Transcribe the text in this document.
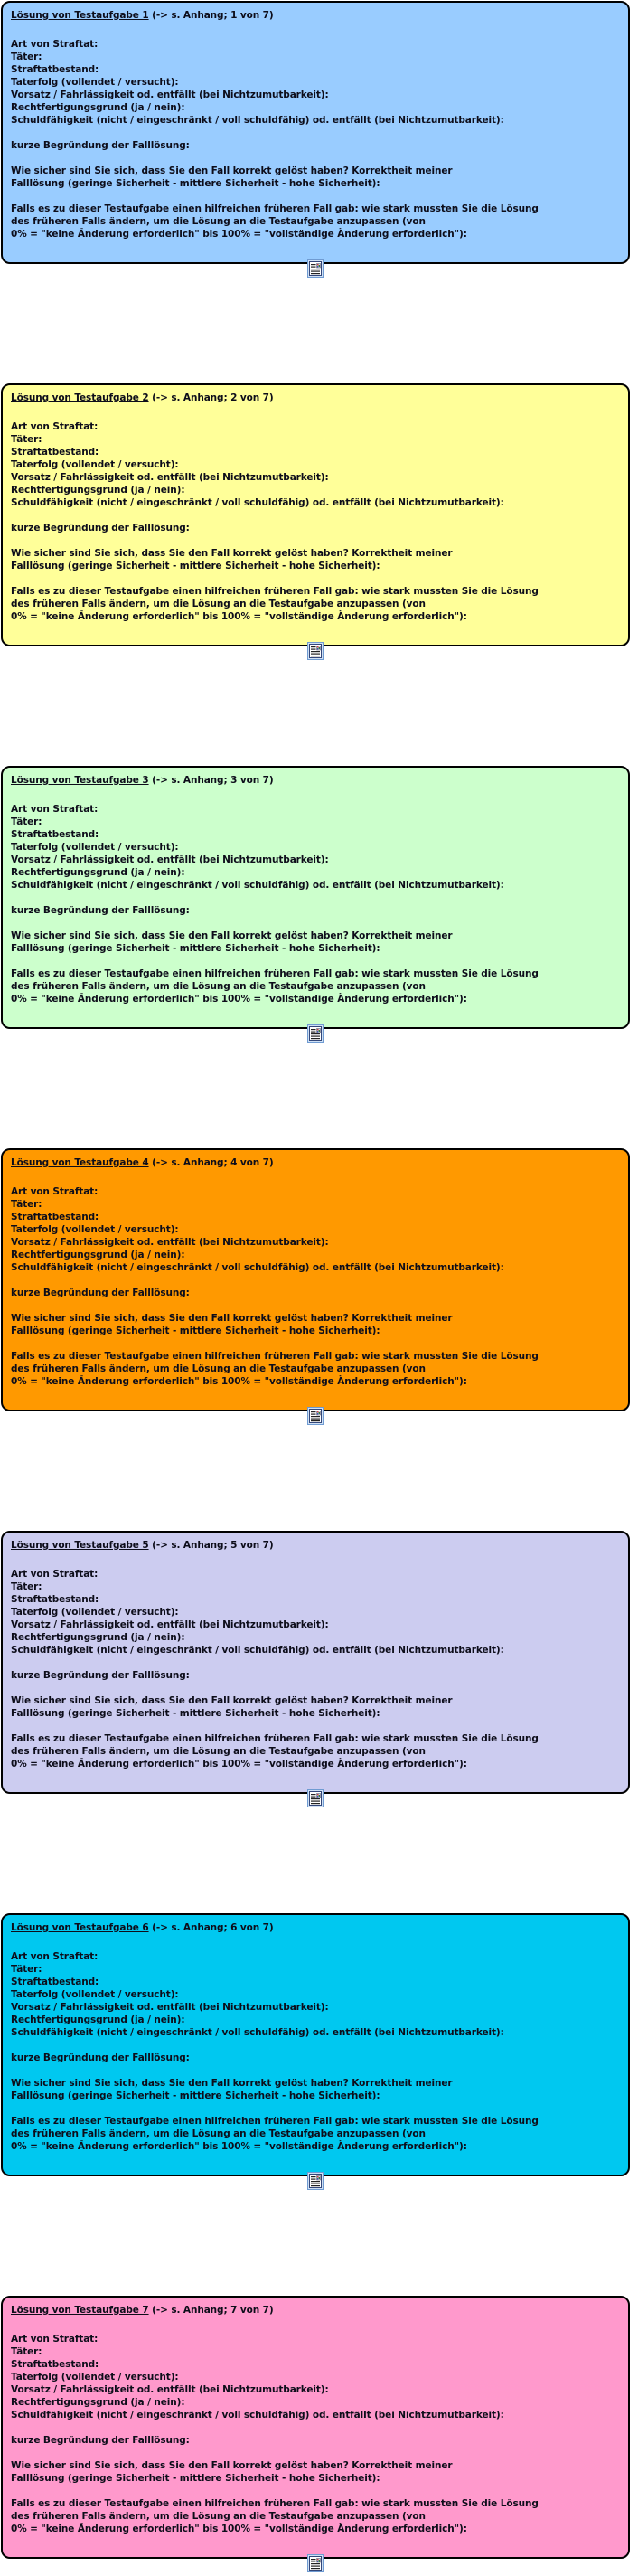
Lösung von Testaufgabe 1 (-> s. Anhang; 1 von 7)
Art von Straftat:
Täter:
Straftatbestand:
Taterfolg (vollendet / versucht):
Vorsatz / Fahrlässigkeit od. entfällt (bei Nichtzumutbarkeit):
Rechtfertigungsgrund (ja / nein):
Schuldfähigkeit (nicht / eingeschränkt / voll schuldfähig) od. entfällt (bei Nichtzumutbarkeit):
kurze Begründung der Falllösung:
Wie sicher sind Sie sich, dass Sie den Fall korrekt gelöst haben? Korrektheit meiner
Falllösung (geringe Sicherheit - mittlere Sicherheit - hohe Sicherheit):
Falls es zu dieser Testaufgabe einen hilfreichen früheren Fall gab: wie stark mussten Sie die Lösung
des früheren Falls ändern, um die Lösung an die Testaufgabe anzupassen (von
0% = "keine Änderung erforderlich" bis 100% = "vollständige Änderung erforderlich"):
Lösung von Testaufgabe 2 (-> s. Anhang; 2 von 7)
Art von Straftat:
Täter:
Straftatbestand:
Taterfolg (vollendet / versucht):
Vorsatz / Fahrlässigkeit od. entfällt (bei Nichtzumutbarkeit):
Rechtfertigungsgrund (ja / nein):
Schuldfähigkeit (nicht / eingeschränkt / voll schuldfähig) od. entfällt (bei Nichtzumutbarkeit):
kurze Begründung der Falllösung:
Wie sicher sind Sie sich, dass Sie den Fall korrekt gelöst haben? Korrektheit meiner
Falllösung (geringe Sicherheit - mittlere Sicherheit - hohe Sicherheit):
Falls es zu dieser Testaufgabe einen hilfreichen früheren Fall gab: wie stark mussten Sie die Lösung
des früheren Falls ändern, um die Lösung an die Testaufgabe anzupassen (von
0% = "keine Änderung erforderlich" bis 100% = "vollständige Änderung erforderlich"):
Lösung von Testaufgabe 3 (-> s. Anhang; 3 von 7)
Art von Straftat:
Täter:
Straftatbestand:
Taterfolg (vollendet / versucht):
Vorsatz / Fahrlässigkeit od. entfällt (bei Nichtzumutbarkeit):
Rechtfertigungsgrund (ja / nein):
Schuldfähigkeit (nicht / eingeschränkt / voll schuldfähig) od. entfällt (bei Nichtzumutbarkeit):
kurze Begründung der Falllösung:
Wie sicher sind Sie sich, dass Sie den Fall korrekt gelöst haben? Korrektheit meiner
Falllösung (geringe Sicherheit - mittlere Sicherheit - hohe Sicherheit):
Falls es zu dieser Testaufgabe einen hilfreichen früheren Fall gab: wie stark mussten Sie die Lösung
des früheren Falls ändern, um die Lösung an die Testaufgabe anzupassen (von
0% = "keine Änderung erforderlich" bis 100% = "vollständige Änderung erforderlich"):
Lösung von Testaufgabe 4 (-> s. Anhang; 4 von 7)
Art von Straftat:
Täter:
Straftatbestand:
Taterfolg (vollendet / versucht):
Vorsatz / Fahrlässigkeit od. entfällt (bei Nichtzumutbarkeit):
Rechtfertigungsgrund (ja / nein):
Schuldfähigkeit (nicht / eingeschränkt / voll schuldfähig) od. entfällt (bei Nichtzumutbarkeit):
kurze Begründung der Falllösung:
Wie sicher sind Sie sich, dass Sie den Fall korrekt gelöst haben? Korrektheit meiner
Falllösung (geringe Sicherheit - mittlere Sicherheit - hohe Sicherheit):
Falls es zu dieser Testaufgabe einen hilfreichen früheren Fall gab: wie stark mussten Sie die Lösung
des früheren Falls ändern, um die Lösung an die Testaufgabe anzupassen (von
0% = "keine Änderung erforderlich" bis 100% = "vollständige Änderung erforderlich"):
Lösung von Testaufgabe 5 (-> s. Anhang; 5 von 7)
Art von Straftat:
Täter:
Straftatbestand:
Taterfolg (vollendet / versucht):
Vorsatz / Fahrlässigkeit od. entfällt (bei Nichtzumutbarkeit):
Rechtfertigungsgrund (ja / nein):
Schuldfähigkeit (nicht / eingeschränkt / voll schuldfähig) od. entfällt (bei Nichtzumutbarkeit):
kurze Begründung der Falllösung:
Wie sicher sind Sie sich, dass Sie den Fall korrekt gelöst haben? Korrektheit meiner
Falllösung (geringe Sicherheit - mittlere Sicherheit - hohe Sicherheit):
Falls es zu dieser Testaufgabe einen hilfreichen früheren Fall gab: wie stark mussten Sie die Lösung
des früheren Falls ändern, um die Lösung an die Testaufgabe anzupassen (von
0% = "keine Änderung erforderlich" bis 100% = "vollständige Änderung erforderlich"):
Lösung von Testaufgabe 6 (-> s. Anhang; 6 von 7)
Art von Straftat:
Täter:
Straftatbestand:
Taterfolg (vollendet / versucht):
Vorsatz / Fahrlässigkeit od. entfällt (bei Nichtzumutbarkeit):
Rechtfertigungsgrund (ja / nein):
Schuldfähigkeit (nicht / eingeschränkt / voll schuldfähig) od. entfällt (bei Nichtzumutbarkeit):
kurze Begründung der Falllösung:
Wie sicher sind Sie sich, dass Sie den Fall korrekt gelöst haben? Korrektheit meiner
Falllösung (geringe Sicherheit - mittlere Sicherheit - hohe Sicherheit):
Falls es zu dieser Testaufgabe einen hilfreichen früheren Fall gab: wie stark mussten Sie die Lösung
des früheren Falls ändern, um die Lösung an die Testaufgabe anzupassen (von
0% = "keine Änderung erforderlich" bis 100% = "vollständige Änderung erforderlich"):
Lösung von Testaufgabe 7 (-> s. Anhang; 7 von 7)
Art von Straftat:
Täter:
Straftatbestand:
Taterfolg (vollendet / versucht):
Vorsatz / Fahrlässigkeit od. entfällt (bei Nichtzumutbarkeit):
Rechtfertigungsgrund (ja / nein):
Schuldfähigkeit (nicht / eingeschränkt / voll schuldfähig) od. entfällt (bei Nichtzumutbarkeit):
kurze Begründung der Falllösung:
Wie sicher sind Sie sich, dass Sie den Fall korrekt gelöst haben? Korrektheit meiner
Falllösung (geringe Sicherheit - mittlere Sicherheit - hohe Sicherheit):
Falls es zu dieser Testaufgabe einen hilfreichen früheren Fall gab: wie stark mussten Sie die Lösung
des früheren Falls ändern, um die Lösung an die Testaufgabe anzupassen (von
0% = "keine Änderung erforderlich" bis 100% = "vollständige Änderung erforderlich"):
